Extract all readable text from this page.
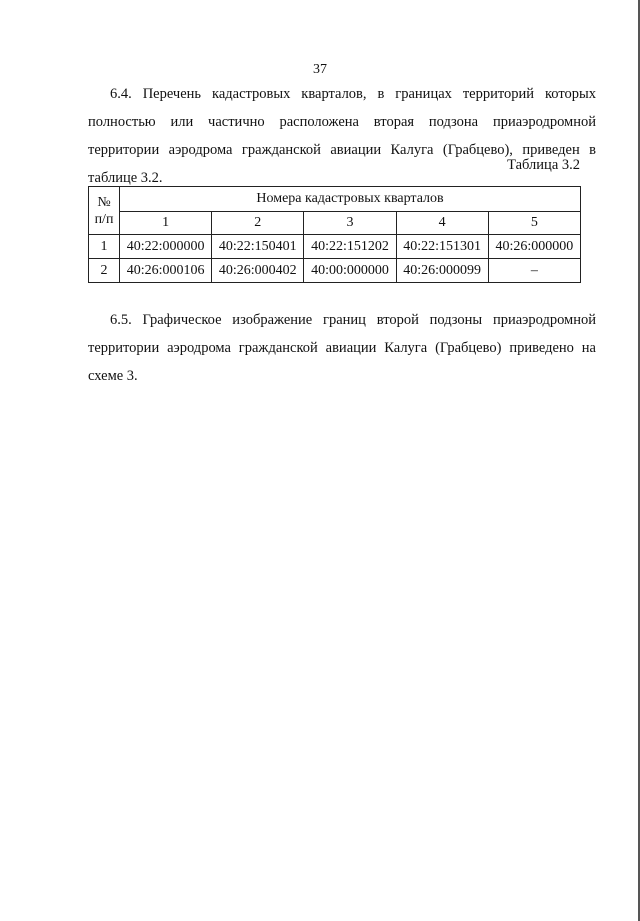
37

6.4. Перечень кадастровых кварталов, в границах территорий которых полностью или частично расположена вторая подзона приаэродромной территории аэродрома гражданской авиации Калуга (Грабцево), приведен в таблице 3.2.

Таблица 3.2
№
п/п	Номера кадастровых кварталов				
	1	2	3	4	5
1	40:22:000000	40:22:150401	40:22:151202	40:22:151301	40:26:000000
2	40:26:000106	40:26:000402	40:00:000000	40:26:000099	–

6.5. Графическое изображение границ второй подзоны приаэродромной территории аэродрома гражданской авиации Калуга (Грабцево) приведено на схеме 3.
